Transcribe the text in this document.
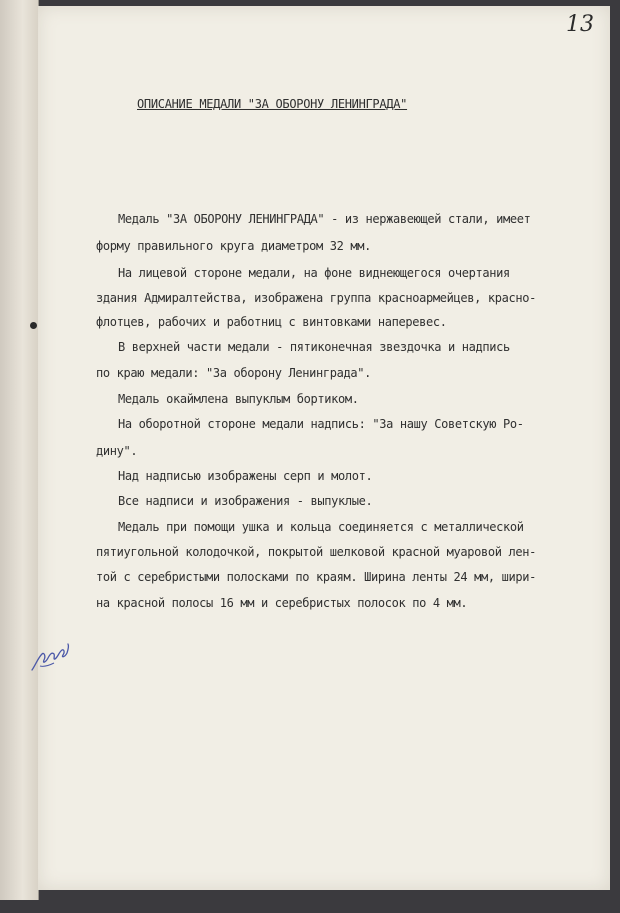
13
ОПИСАНИЕ МЕДАЛИ "ЗА ОБОРОНУ ЛЕНИНГРАДА"
Медаль "ЗА ОБОРОНУ ЛЕНИНГРАДА" - из нержавеющей стали, имеет
форму правильного круга диаметром 32 мм.
На лицевой стороне медали, на фоне виднеющегося очертания
здания Адмиралтейства, изображена группа красноармейцев, красно-
флотцев, рабочих и работниц с винтовками наперевес.
В верхней части медали - пятиконечная звездочка и надпись
по краю медали: "За оборону Ленинграда".
Медаль окаймлена выпуклым бортиком.
На оборотной стороне медали надпись: "За нашу Советскую Ро-
дину".
Над надписью изображены серп и молот.
Все надписи и изображения - выпуклые.
Медаль при помощи ушка и кольца соединяется с металлической
пятиугольной колодочкой, покрытой шелковой красной муаровой лен-
той с серебристыми полосками по краям. Ширина ленты 24 мм, шири-
на красной полосы 16 мм и серебристых полосок по 4 мм.
